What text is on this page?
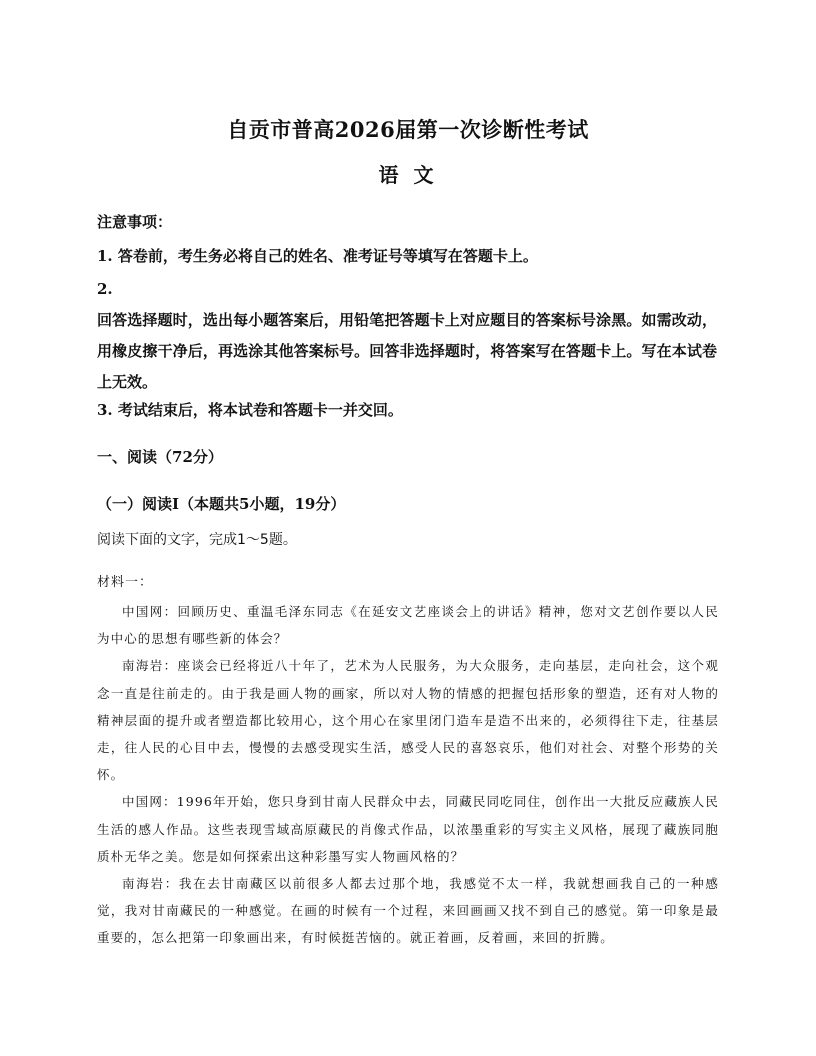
自贡市普高2026届第一次诊断性考试
语 文
注意事项：
1. 答卷前，考生务必将自己的姓名、准考证号等填写在答题卡上。
2.
回答选择题时，选出每小题答案后，用铅笔把答题卡上对应题目的答案标号涂黑。如需改动，用橡皮擦干净后，再选涂其他答案标号。回答非选择题时，将答案写在答题卡上。写在本试卷上无效。
3. 考试结束后，将本试卷和答题卡一并交回。
一、阅读（72分）
（一）阅读Ⅰ（本题共5小题，19分）
阅读下面的文字，完成1～5题。
材料一：

中国网：回顾历史、重温毛泽东同志《在延安文艺座谈会上的讲话》精神，您对文艺创作要以人民为中心的思想有哪些新的体会？

南海岩：座谈会已经将近八十年了，艺术为人民服务，为大众服务，走向基层，走向社会，这个观念一直是往前走的。由于我是画人物的画家，所以对人物的情感的把握包括形象的塑造，还有对人物的精神层面的提升或者塑造都比较用心，这个用心在家里闭门造车是造不出来的，必须得往下走，往基层走，往人民的心目中去，慢慢的去感受现实生活，感受人民的喜怒哀乐，他们对社会、对整个形势的关怀。

中国网：1996年开始，您只身到甘南人民群众中去，同藏民同吃同住，创作出一大批反应藏族人民生活的感人作品。这些表现雪域高原藏民的肖像式作品，以浓墨重彩的写实主义风格，展现了藏族同胞质朴无华之美。您是如何探索出这种彩墨写实人物画风格的？

南海岩：我在去甘南藏区以前很多人都去过那个地，我感觉不太一样，我就想画我自己的一种感觉，我对甘南藏民的一种感觉。在画的时候有一个过程，来回画画又找不到自己的感觉。第一印象是最重要的，怎么把第一印象画出来，有时候挺苦恼的。就正着画，反着画，来回的折腾。
